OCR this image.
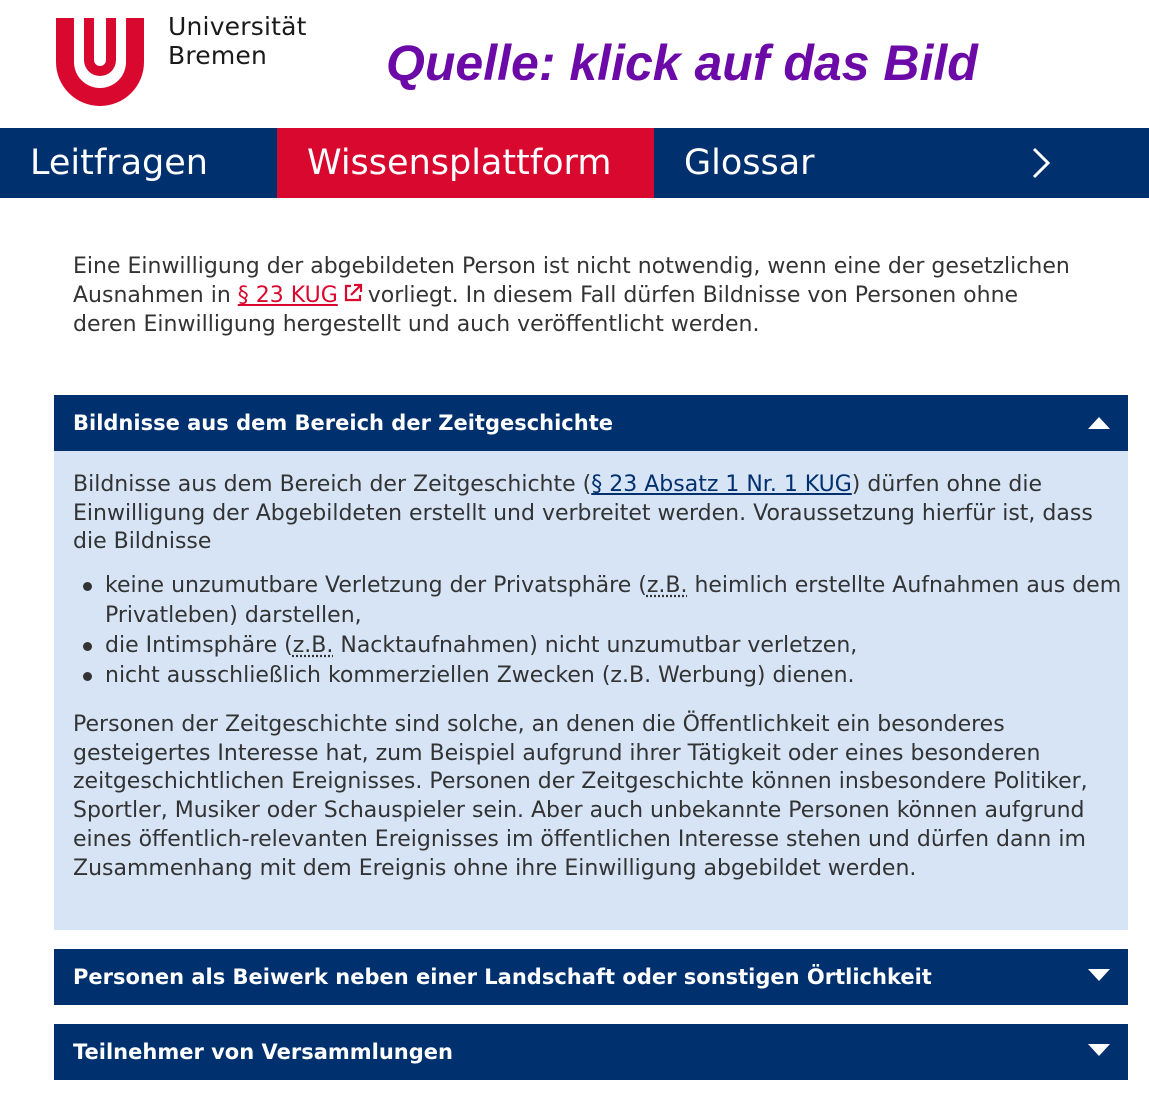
Universität
Bremen	Quelle: klick auf das Bild
Leitfragen	Wissensplattform	Glossar
Eine Einwilligung der abgebildeten Person ist nicht notwendig, wenn eine der gesetzlichen Ausnahmen in § 23 KUG vorliegt. In diesem Fall dürfen Bildnisse von Personen ohne deren Einwilligung hergestellt und auch veröffentlicht werden.
Bildnisse aus dem Bereich der Zeitgeschichte
Bildnisse aus dem Bereich der Zeitgeschichte (§ 23 Absatz 1 Nr. 1 KUG) dürfen ohne die Einwilligung der Abgebildeten erstellt und verbreitet werden. Voraussetzung hierfür ist, dass die Bildnisse
keine unzumutbare Verletzung der Privatsphäre (z.B. heimlich erstellte Aufnahmen aus dem Privatleben) darstellen,
die Intimsphäre (z.B. Nacktaufnahmen) nicht unzumutbar verletzen,
nicht ausschließlich kommerziellen Zwecken (z.B. Werbung) dienen.
Personen der Zeitgeschichte sind solche, an denen die Öffentlichkeit ein besonderes gesteigertes Interesse hat, zum Beispiel aufgrund ihrer Tätigkeit oder eines besonderen zeitgeschichtlichen Ereignisses. Personen der Zeitgeschichte können insbesondere Politiker, Sportler, Musiker oder Schauspieler sein. Aber auch unbekannte Personen können aufgrund eines öffentlich-relevanten Ereignisses im öffentlichen Interesse stehen und dürfen dann im Zusammenhang mit dem Ereignis ohne ihre Einwilligung abgebildet werden.
Personen als Beiwerk neben einer Landschaft oder sonstigen Örtlichkeit
Teilnehmer von Versammlungen
